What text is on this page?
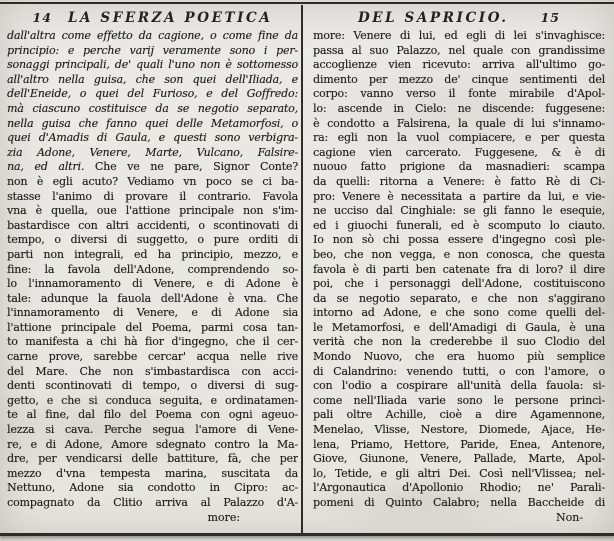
14 LA SFERZA POETICA
dall'altra come effetto da cagione, o come fine da
principio: e perche varij veramente sono i per-
sonaggi principali, de' quali l'uno non è sottomesso
all'altro nella guisa, che son quei dell'Iliada, e
dell'Eneide, o quei del Furioso, e del Goffredo:
mà ciascuno costituisce da se negotio separato,
nella guisa che fanno quei delle Metamorfosi, o
quei d'Amadis di Gaula, e questi sono verbigra-
zia Adone, Venere, Marte, Vulcano, Falsire-
na, ed altri. Che ve ne pare, Signor Conte?
non è egli acuto? Vediamo vn poco se ci ba-
stasse l'animo di provare il contrario. Favola
vna è quella, oue l'attione principale non s'im-
bastardisce con altri accidenti, o scontinovati di
tempo, o diversi di suggetto, o pure orditi di
parti non integrali, ed ha principio, mezzo, e
fine: la favola dell'Adone, comprendendo so-
lo l'innamoramento di Venere, e di Adone è
tale: adunque la fauola dell'Adone è vna. Che
l'innamoramento di Venere, e di Adone sia
l'attione principale del Poema, parmi cosa tan-
to manifesta a chi hà fior d'ingegno, che il cer-
carne prove, sarebbe cercar' acqua nelle rive
del Mare. Che non s'imbastardisca con acci-
denti scontinovati di tempo, o diversi di sug-
getto, e che si conduca seguita, e ordinatamen-
te al fine, dal filo del Poema con ogni ageuo-
lezza si cava. Perche segua l'amore di Vene-
re, e di Adone, Amore sdegnato contro la Ma-
dre, per vendicarsi delle battiture, fà, che per
mezzo d'vna tempesta marina, suscitata da
Nettuno, Adone sia condotto in Cipro: ac-
compagnato da Clitio arriva al Palazzo d'A-
more:
DEL SAPRICIO.	15
more: Venere di lui, ed egli di lei s'invaghisce:
passa al suo Palazzo, nel quale con grandissime
accoglienze vien ricevuto: arriva all'ultimo go-
dimento per mezzo de' cinque sentimenti del
corpo: vanno verso il fonte mirabile d'Apol-
lo: ascende in Cielo: ne discende: fuggesene:
è condotto a Falsirena, la quale di lui s'innamo-
ra: egli non la vuol compiacere, e per questa
cagione vien carcerato. Fuggesene, & è di
nuouo fatto prigione da masnadieri: scampa
da quelli: ritorna a Venere: è fatto Rè di Ci-
pro: Venere è necessitata a partire da lui, e vie-
ne ucciso dal Cinghiale: se gli fanno le esequie,
ed i giuochi funerali, ed è scomputo lo ciauto.
Io non sò chi possa essere d'ingegno così ple-
beo, che non vegga, e non conosca, che questa
favola è di parti ben catenate fra di loro? il dire
poi, che i personaggi dell'Adone, costituiscono
da se negotio separato, e che non s'aggirano
intorno ad Adone, e che sono come quelli del-
le Metamorfosi, e dell'Amadigi di Gaula, è una
verità che non la crederebbe il suo Clodio del
Mondo Nuovo, che era huomo più semplice
di Calandrino: venendo tutti, o con l'amore, o
con l'odio a cospirare all'unità della fauola: si-
come nell'Iliada varie sono le persone princi-
pali oltre Achille, cioè a dire Agamennone,
Menelao, Vlisse, Nestore, Diomede, Ajace, He-
lena, Priamo, Hettore, Paride, Enea, Antenore,
Giove, Giunone, Venere, Pallade, Marte, Apol-
lo, Tetide, e gli altri Dei. Così nell'Vlissea; nel-
l'Argonautica d'Apollonio Rhodio; ne' Parali-
pomeni di Quinto Calabro; nella Baccheide di
Non-
